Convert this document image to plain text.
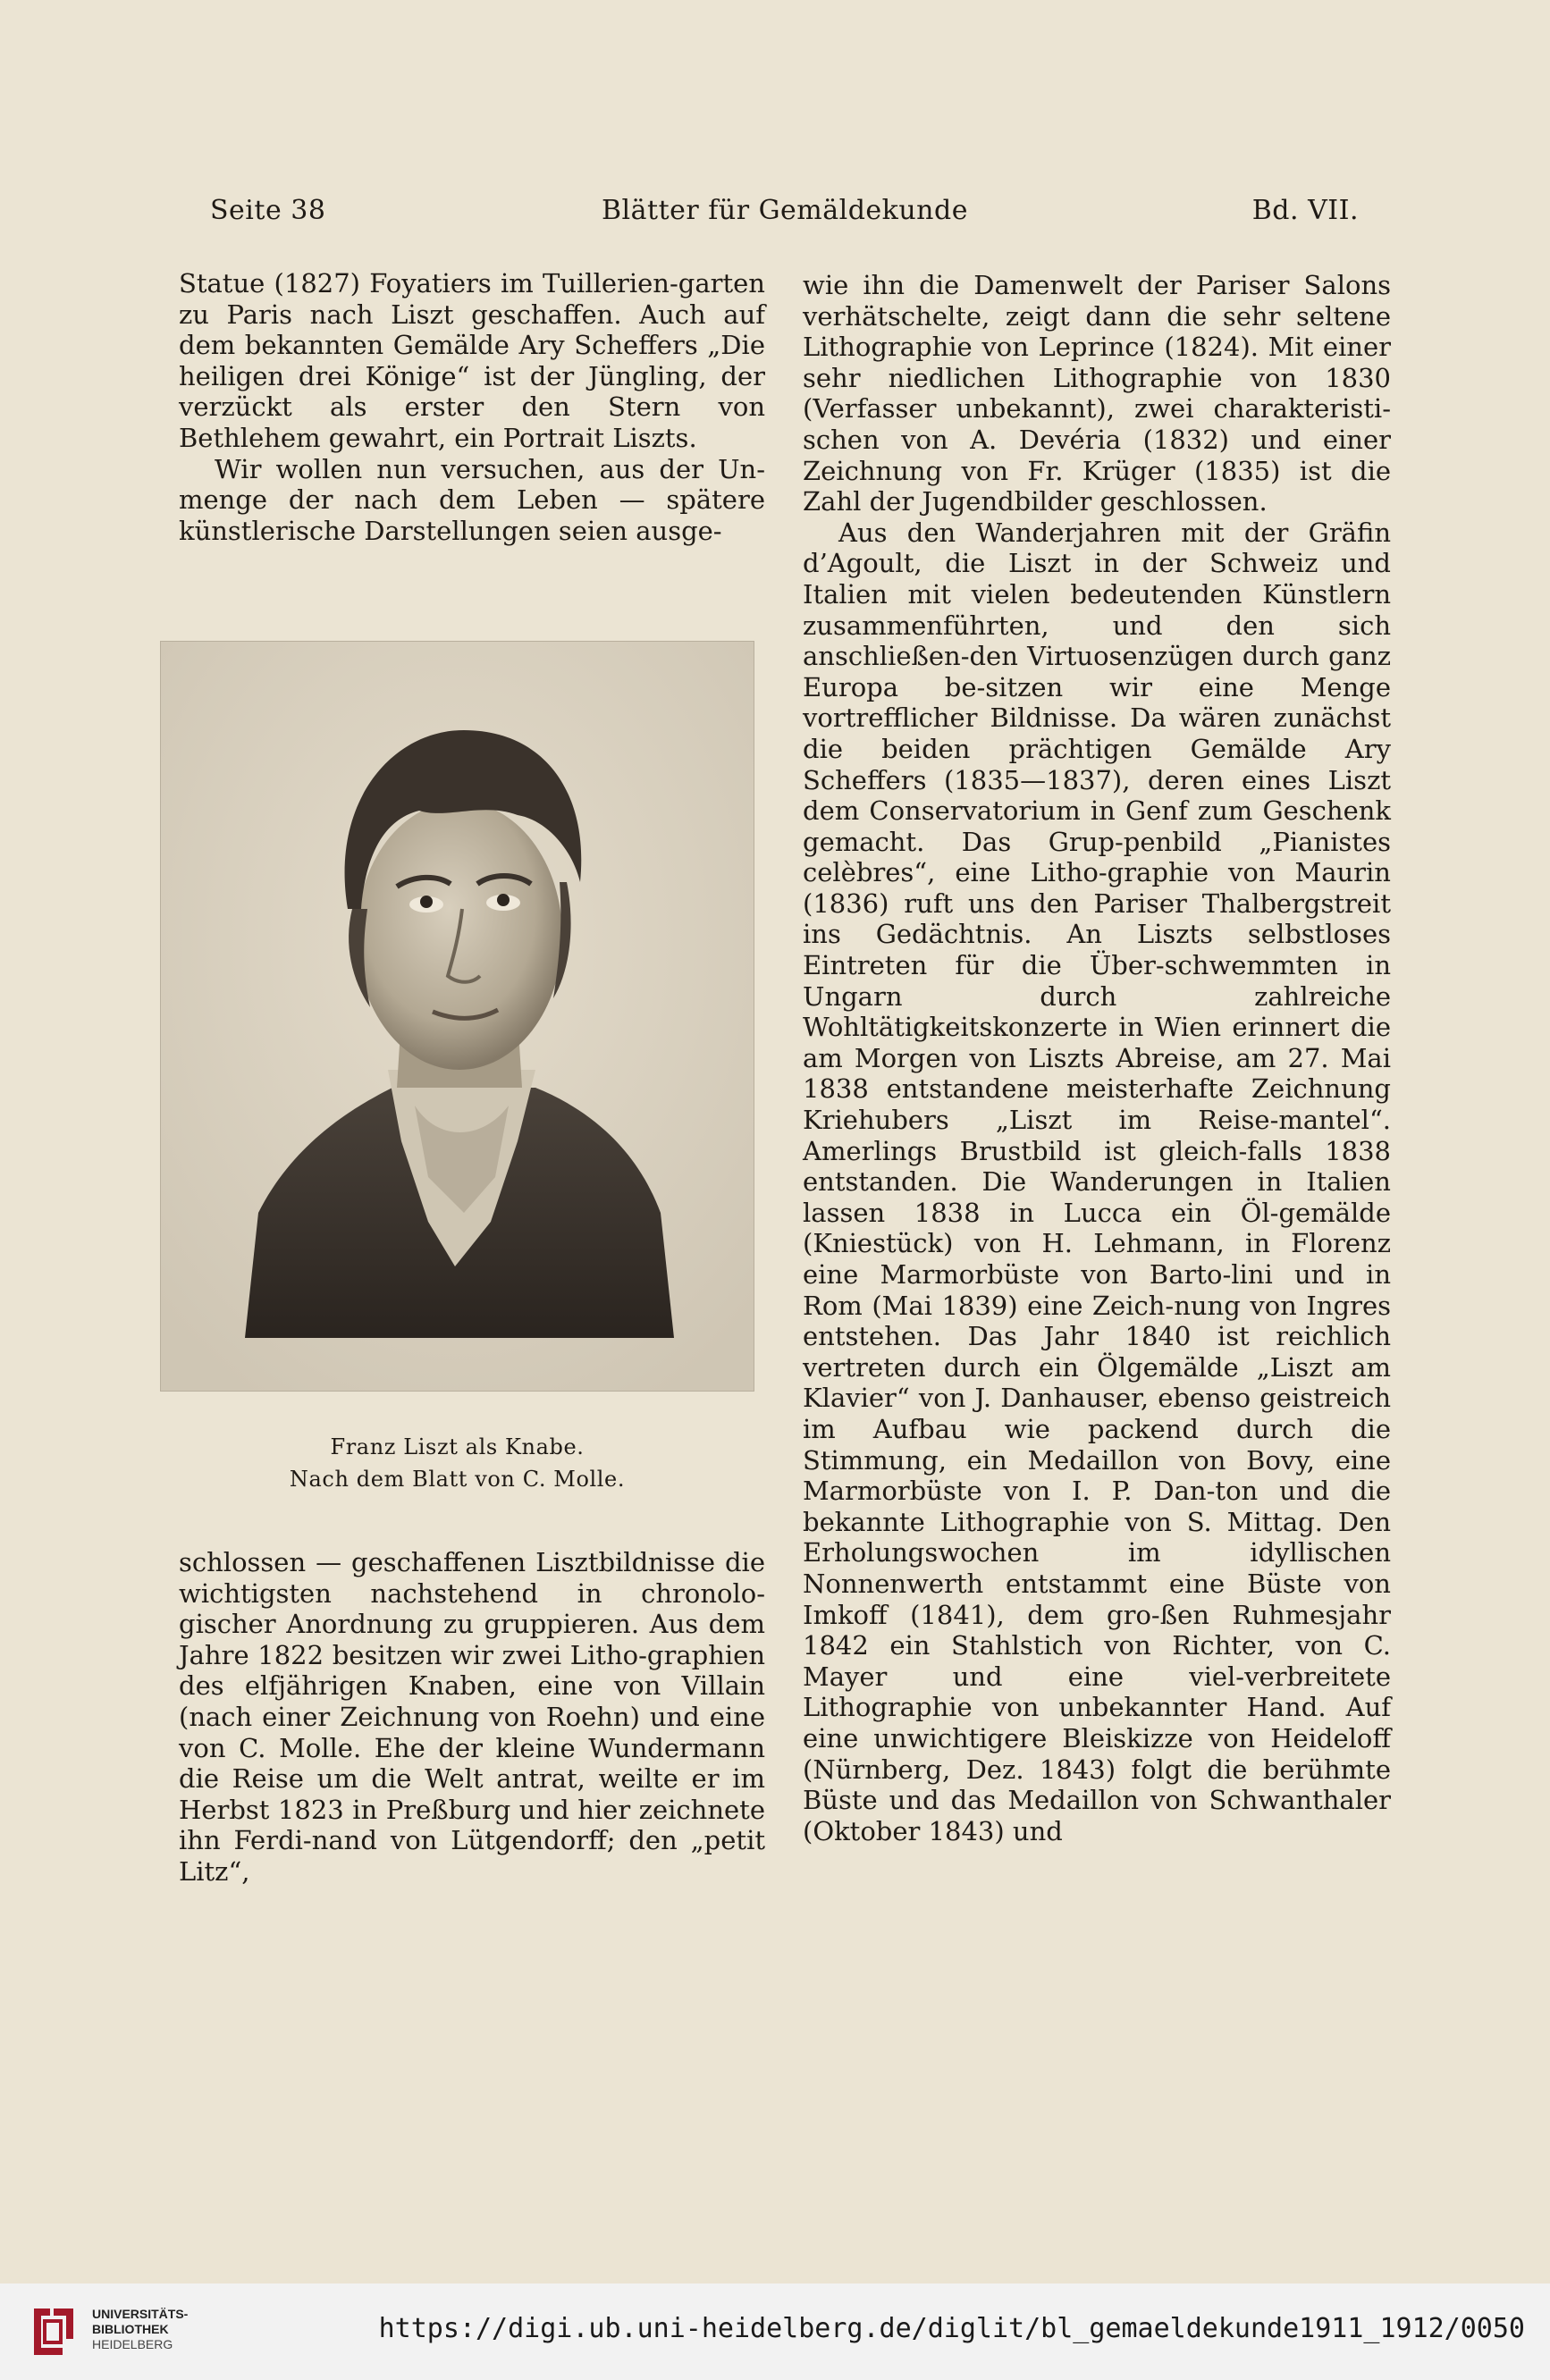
Seite 38	Blätter für Gemäldekunde	Bd. VII.

Statue (1827) Foyatiers im Tuillerien-garten zu Paris nach Liszt geschaffen. Auch auf dem bekannten Gemälde Ary Scheffers „Die heiligen drei Könige“ ist der Jüngling, der verzückt als erster den Stern von Bethlehem gewahrt, ein Portrait Liszts.

Wir wollen nun versuchen, aus der Un-menge der nach dem Leben — spätere künstlerische Darstellungen seien ausge-

Franz Liszt als Knabe.
Nach dem Blatt von C. Molle.

schlossen — geschaffenen Lisztbildnisse die wichtigsten nachstehend in chronolo-gischer Anordnung zu gruppieren. Aus dem Jahre 1822 besitzen wir zwei Litho-graphien des elfjährigen Knaben, eine von Villain (nach einer Zeichnung von Roehn) und eine von C. Molle. Ehe der kleine Wundermann die Reise um die Welt antrat, weilte er im Herbst 1823 in Preßburg und hier zeichnete ihn Ferdi-nand von Lütgendorff; den „petit Litz“,

wie ihn die Damenwelt der Pariser Salons verhätschelte, zeigt dann die sehr seltene Lithographie von Leprince (1824). Mit einer sehr niedlichen Lithographie von 1830 (Verfasser unbekannt), zwei charakteristi-schen von A. Devéria (1832) und einer Zeichnung von Fr. Krüger (1835) ist die Zahl der Jugendbilder geschlossen.

Aus den Wanderjahren mit der Gräfin d’Agoult, die Liszt in der Schweiz und Italien mit vielen bedeutenden Künstlern zusammenführten, und den sich anschließen-den Virtuosenzügen durch ganz Europa be-sitzen wir eine Menge vortrefflicher Bildnisse. Da wären zunächst die beiden prächtigen Gemälde Ary Scheffers (1835—1837), deren eines Liszt dem Conservatorium in Genf zum Geschenk gemacht. Das Grup-penbild „Pianistes celèbres“, eine Litho-graphie von Maurin (1836) ruft uns den Pariser Thalbergstreit ins Gedächtnis. An Liszts selbstloses Eintreten für die Über-schwemmten in Ungarn durch zahlreiche Wohltätigkeitskonzerte in Wien erinnert die am Morgen von Liszts Abreise, am 27. Mai 1838 entstandene meisterhafte Zeichnung Kriehubers „Liszt im Reise-mantel“. Amerlings Brustbild ist gleich-falls 1838 entstanden. Die Wanderungen in Italien lassen 1838 in Lucca ein Öl-gemälde (Kniestück) von H. Lehmann, in Florenz eine Marmorbüste von Barto-lini und in Rom (Mai 1839) eine Zeich-nung von Ingres entstehen. Das Jahr 1840 ist reichlich vertreten durch ein Ölgemälde „Liszt am Klavier“ von J. Danhauser, ebenso geistreich im Aufbau wie packend durch die Stimmung, ein Medaillon von Bovy, eine Marmorbüste von I. P. Dan-ton und die bekannte Lithographie von S. Mittag. Den Erholungswochen im idyllischen Nonnenwerth entstammt eine Büste von Imkoff (1841), dem gro-ßen Ruhmesjahr 1842 ein Stahlstich von Richter, von C. Mayer und eine viel-verbreitete Lithographie von unbekannter Hand. Auf eine unwichtigere Bleiskizze von Heideloff (Nürnberg, Dez. 1843) folgt die berühmte Büste und das Medaillon von Schwanthaler (Oktober 1843) und

UNIVERSITÄTS-
BIBLIOTHEK
HEIDELBERG	https://digi.ub.uni-heidelberg.de/diglit/bl_gemaeldekunde1911_1912/0050
